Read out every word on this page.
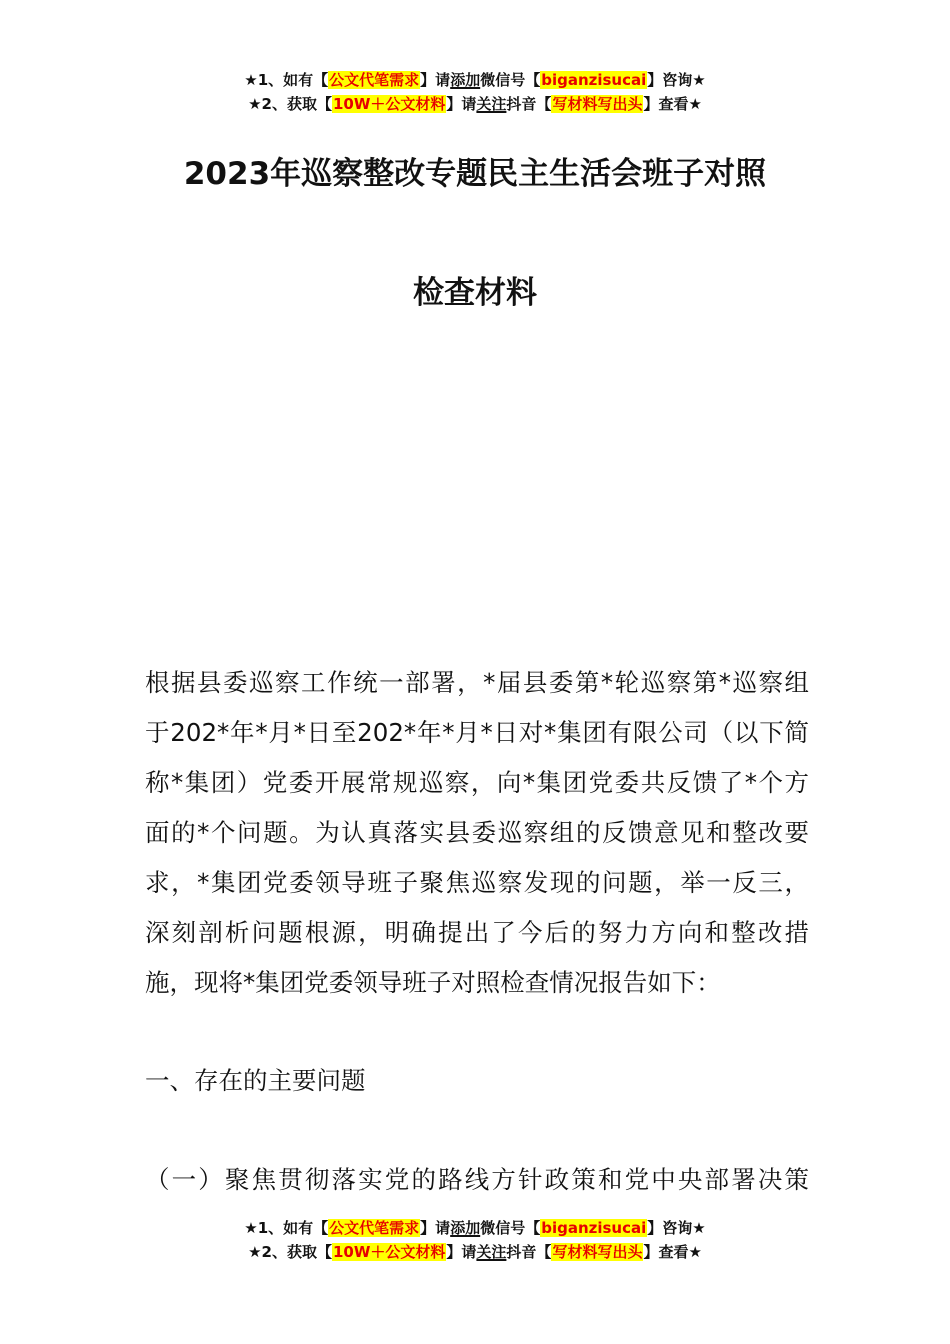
★1、如有【公文代笔需求】请添加微信号【biganzisucai】咨询★
★2、获取【10W＋公文材料】请关注抖音【写材料写出头】查看★
2023年巡察整改专题民主生活会班子对照
检查材料
根据县委巡察工作统一部署，*届县委第*轮巡察第*巡察组
于202*年*月*日至202*年*月*日对*集团有限公司（以下简
称*集团）党委开展常规巡察，向*集团党委共反馈了*个方
面的*个问题。为认真落实县委巡察组的反馈意见和整改要
求，*集团党委领导班子聚焦巡察发现的问题，举一反三，
深刻剖析问题根源，明确提出了今后的努力方向和整改措
施，现将*集团党委领导班子对照检查情况报告如下：
一、存在的主要问题
（一）聚焦贯彻落实党的路线方针政策和党中央部署决策
★1、如有【公文代笔需求】请添加微信号【biganzisucai】咨询★
★2、获取【10W＋公文材料】请关注抖音【写材料写出头】查看★
